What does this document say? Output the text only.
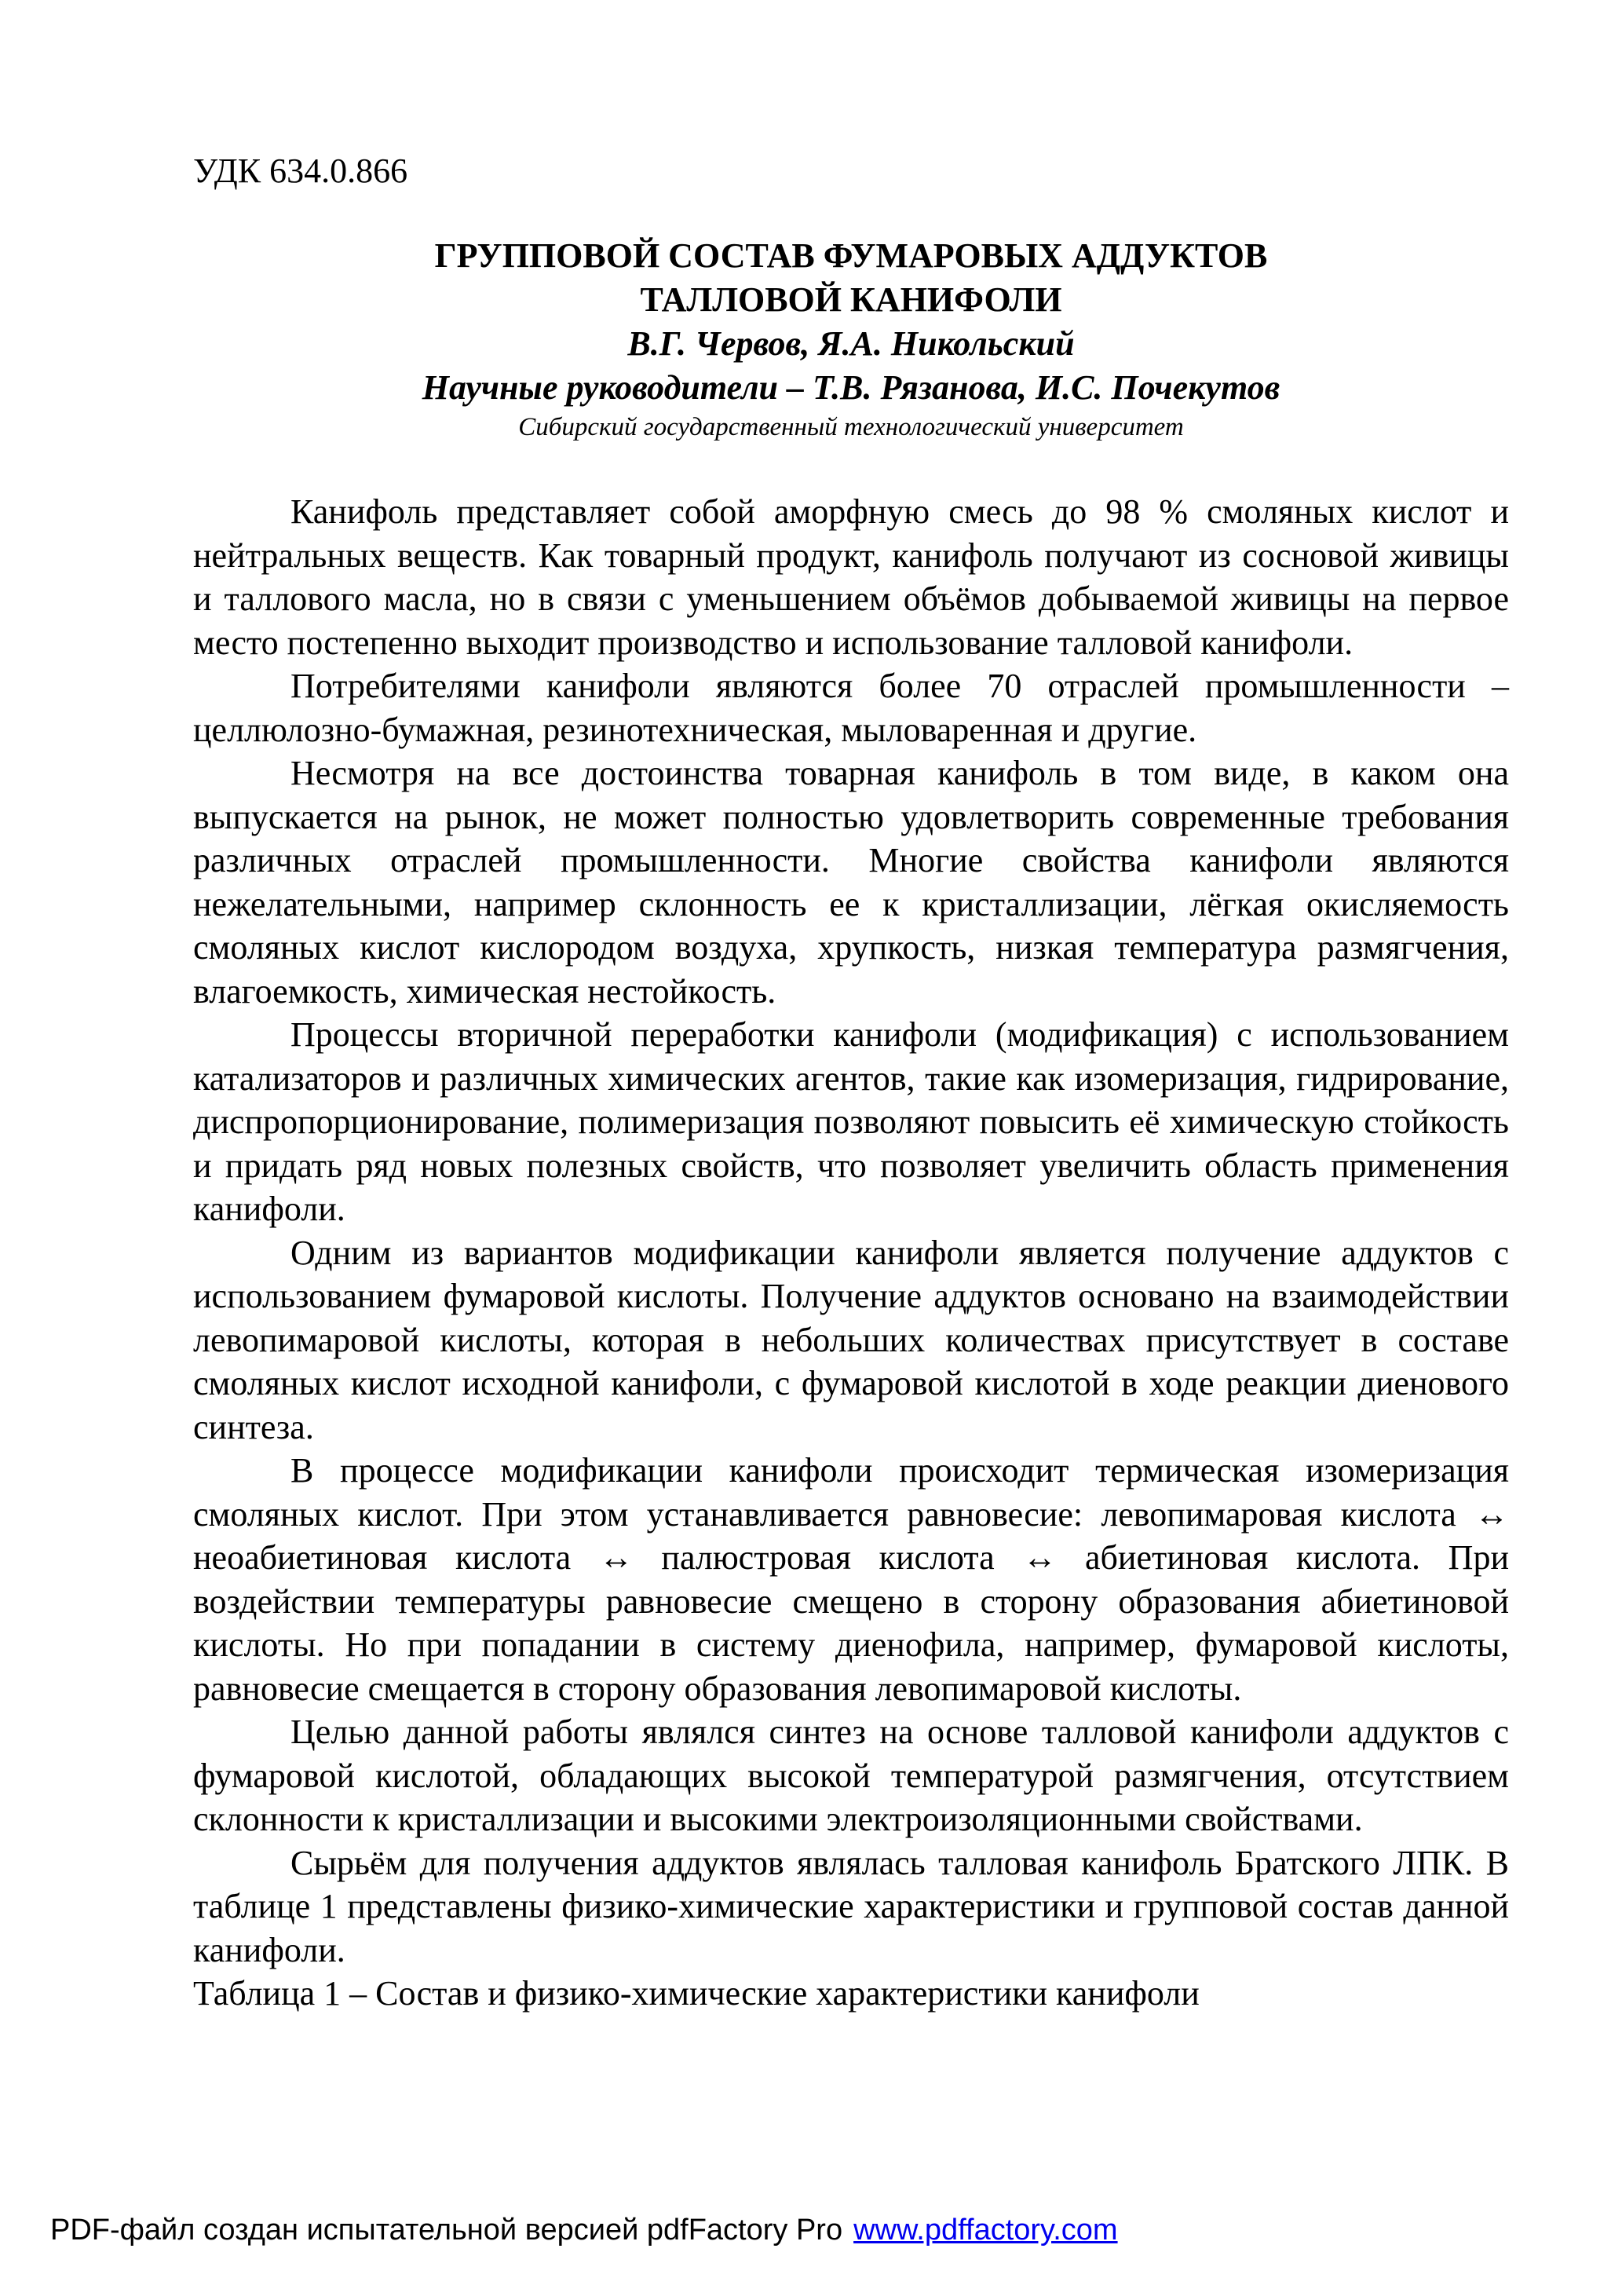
УДК 634.0.866
ГРУППОВОЙ СОСТАВ ФУМАРОВЫХ АДДУКТОВ
ТАЛЛОВОЙ КАНИФОЛИ
В.Г. Червов, Я.А. Никольский
Научные руководители – Т.В. Рязанова, И.С. Почекутов
Сибирский государственный технологический университет

Канифоль представляет собой аморфную смесь до 98 % смоляных кислот и нейтральных веществ. Как товарный продукт, канифоль получают из сосновой живицы и таллового масла, но в связи с уменьшением объёмов добываемой живицы на первое место постепенно выходит производство и использование талловой канифоли.

Потребителями канифоли являются более 70 отраслей промышленности – целлюлозно-бумажная, резинотехническая, мыловаренная и другие.

Несмотря на все достоинства товарная канифоль в том виде, в каком она выпускается на рынок, не может полностью удовлетворить современные требования различных отраслей промышленности. Многие свойства канифоли являются нежелательными, например склонность ее к кристаллизации, лёгкая окисляемость смоляных кислот кислородом воздуха, хрупкость, низкая температура размягчения, влагоемкость, химическая нестойкость.

Процессы вторичной переработки канифоли (модификация) с использованием катализаторов и различных химических агентов, такие как изомеризация, гидрирование, диспропорционирование, полимеризация позволяют повысить её химическую стойкость и придать ряд новых полезных свойств, что позволяет увеличить область применения канифоли.

Одним из вариантов модификации канифоли является получение аддуктов с использованием фумаровой кислоты. Получение аддуктов основано на взаимодействии левопимаровой кислоты, которая в небольших количествах присутствует в составе смоляных кислот исходной канифоли, с фумаровой кислотой в ходе реакции диенового синтеза.

В процессе модификации канифоли происходит термическая изомеризация смоляных кислот. При этом устанавливается равновесие: левопимаровая кислота ↔ неоабиетиновая кислота ↔ палюстровая кислота ↔ абиетиновая кислота. При воздействии температуры равновесие смещено в сторону образования абиетиновой кислоты. Но при попадании в систему диенофила, например, фумаровой кислоты, равновесие смещается в сторону образования левопимаровой кислоты.

Целью данной работы являлся синтез на основе талловой канифоли аддуктов с фумаровой кислотой, обладающих высокой температурой размягчения, отсутствием склонности к кристаллизации и высокими электроизоляционными свойствами.

Сырьём для получения аддуктов являлась талловая канифоль Братского ЛПК. В таблице 1 представлены физико-химические характеристики и групповой состав данной канифоли.

Таблица 1 – Состав и физико-химические характеристики канифоли

PDF-файл создан испытательной версией pdfFactory Pro www.pdffactory.com
